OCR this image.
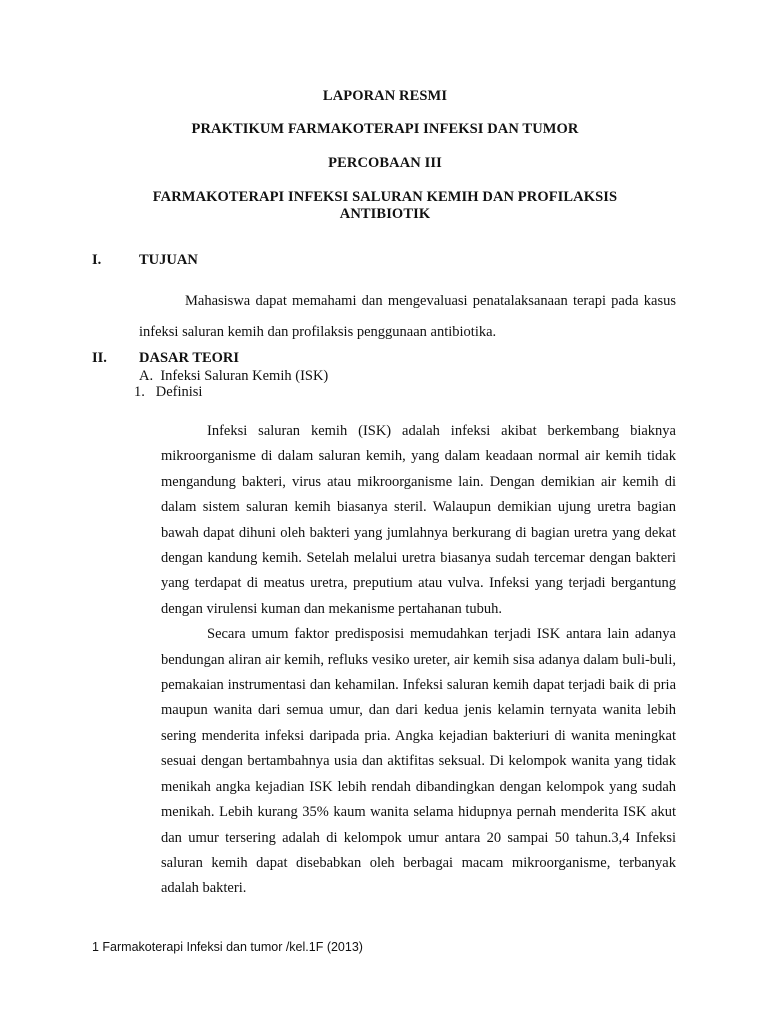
LAPORAN RESMI
PRAKTIKUM FARMAKOTERAPI INFEKSI DAN TUMOR
PERCOBAAN III
FARMAKOTERAPI INFEKSI SALURAN KEMIH DAN PROFILAKSIS ANTIBIOTIK
I.	TUJUAN

Mahasiswa dapat memahami dan mengevaluasi penatalaksanaan terapi pada kasus infeksi saluran kemih dan profilaksis penggunaan antibiotika.

II. DASAR TEORI
A.  Infeksi Saluran Kemih (ISK)
1.   Definisi

Infeksi saluran kemih (ISK) adalah infeksi akibat berkembang biaknya mikroorganisme di dalam saluran kemih, yang dalam keadaan normal air kemih tidak mengandung bakteri, virus atau mikroorganisme lain. Dengan demikian air kemih di dalam sistem saluran kemih biasanya steril. Walaupun demikian ujung uretra bagian bawah dapat dihuni oleh bakteri yang jumlahnya berkurang di bagian uretra yang dekat dengan kandung kemih. Setelah melalui uretra biasanya sudah tercemar dengan bakteri yang terdapat di meatus uretra, preputium atau vulva. Infeksi yang terjadi bergantung dengan virulensi kuman dan mekanisme pertahanan tubuh.

Secara umum faktor predisposisi memudahkan terjadi ISK antara lain adanya bendungan aliran air kemih, refluks vesiko ureter, air kemih sisa adanya dalam buli-buli, pemakaian instrumentasi dan kehamilan. Infeksi saluran kemih dapat terjadi baik di pria maupun wanita dari semua umur, dan dari kedua jenis kelamin ternyata wanita lebih sering menderita infeksi daripada pria. Angka kejadian bakteriuri di wanita meningkat sesuai dengan bertambahnya usia dan aktifitas seksual. Di kelompok wanita yang tidak menikah angka kejadian ISK lebih rendah dibandingkan dengan kelompok yang sudah menikah. Lebih kurang 35% kaum wanita selama hidupnya pernah menderita ISK akut dan umur tersering adalah di kelompok umur antara 20 sampai 50 tahun.3,4 Infeksi saluran kemih dapat disebabkan oleh berbagai macam mikroorganisme, terbanyak adalah bakteri.

1 Farmakoterapi Infeksi dan tumor /kel.1F (2013)
